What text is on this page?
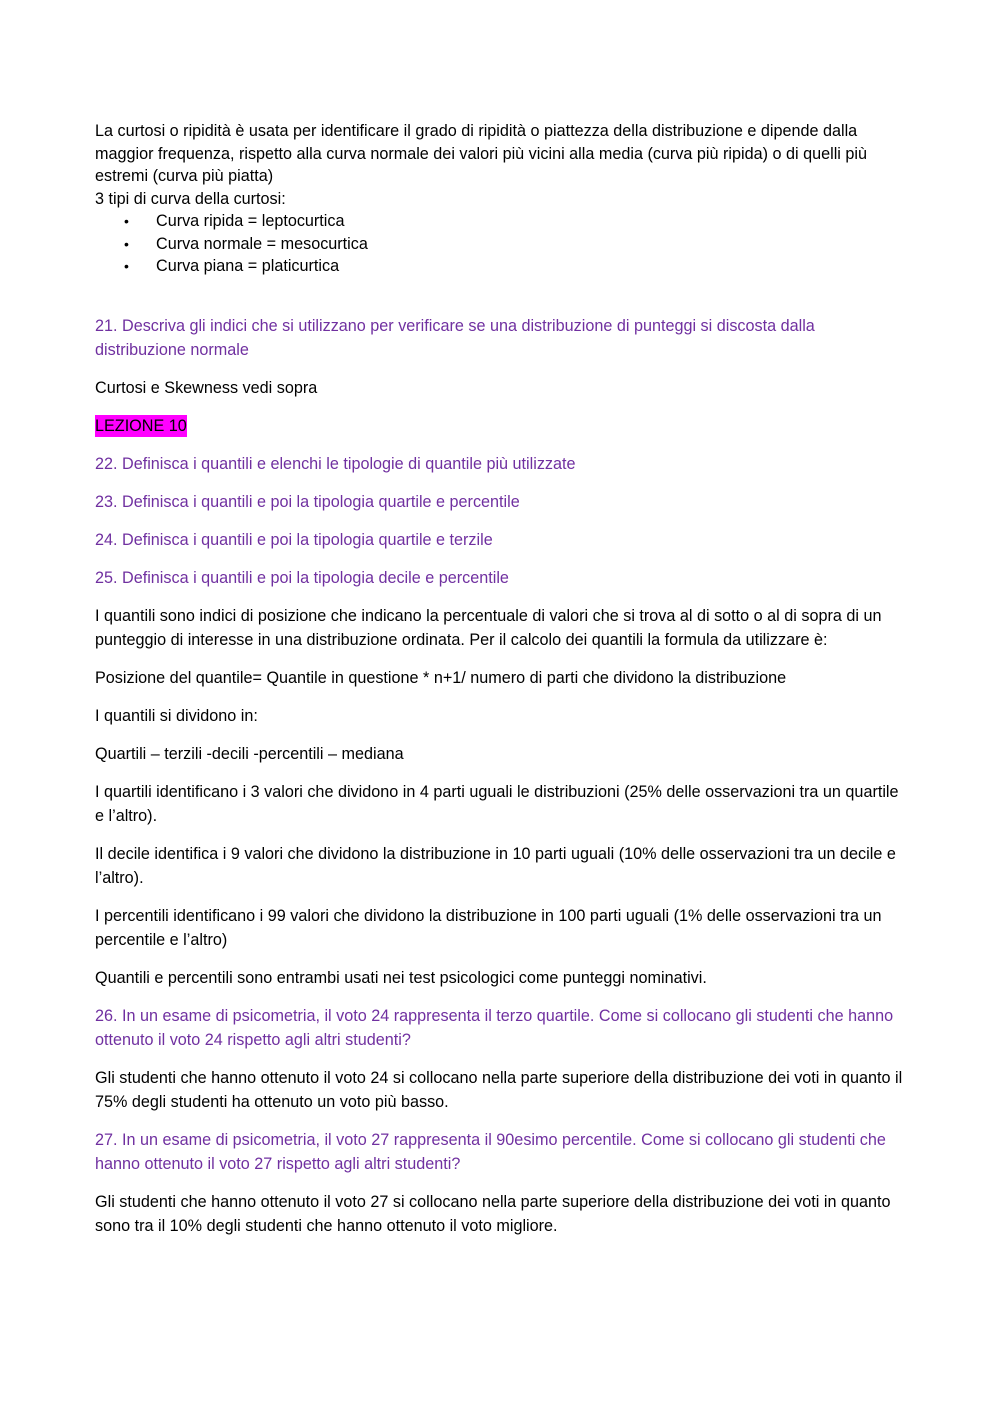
La curtosi o ripidità è usata per identificare il grado di ripidità o piattezza della distribuzione e dipende dalla maggior frequenza, rispetto alla curva normale dei valori più vicini alla media (curva più ripida) o di quelli più estremi (curva più piatta)

3 tipi di curva della curtosi:

• Curva ripida = leptocurtica
• Curva normale = mesocurtica
• Curva piana = platicurtica

21. Descriva gli indici che si utilizzano per verificare se una distribuzione di punteggi si discosta dalla distribuzione normale

Curtosi e Skewness vedi sopra

LEZIONE 10

22. Definisca i quantili e elenchi le tipologie di quantile più utilizzate

23. Definisca i quantili e poi la tipologia quartile e percentile

24. Definisca i quantili e poi la tipologia quartile e terzile

25. Definisca i quantili e poi la tipologia decile e percentile

I quantili sono indici di posizione che indicano la percentuale di valori che si trova al di sotto o al di sopra di un punteggio di interesse in una distribuzione ordinata. Per il calcolo dei quantili la formula da utilizzare è:

Posizione del quantile= Quantile in questione * n+1/ numero di parti che dividono la distribuzione

I quantili si dividono in:

Quartili – terzili -decili -percentili – mediana

I quartili identificano i 3 valori che dividono in 4 parti uguali le distribuzioni (25% delle osservazioni tra un quartile e l’altro).

Il decile identifica i 9 valori che dividono la distribuzione in 10 parti uguali (10% delle osservazioni tra un decile e l’altro).

I percentili identificano i 99 valori che dividono la distribuzione in 100 parti uguali (1% delle osservazioni tra un percentile e l’altro)

Quantili e percentili sono entrambi usati nei test psicologici come punteggi nominativi.

26. In un esame di psicometria, il voto 24 rappresenta il terzo quartile. Come si collocano gli studenti che hanno ottenuto il voto 24 rispetto agli altri studenti?

Gli studenti che hanno ottenuto il voto 24 si collocano nella parte superiore della distribuzione dei voti in quanto il 75% degli studenti ha ottenuto un voto più basso.

27. In un esame di psicometria, il voto 27 rappresenta il 90esimo percentile. Come si collocano gli studenti che hanno ottenuto il voto 27 rispetto agli altri studenti?

Gli studenti che hanno ottenuto il voto 27 si collocano nella parte superiore della distribuzione dei voti in quanto sono tra il 10% degli studenti che hanno ottenuto il voto migliore.
